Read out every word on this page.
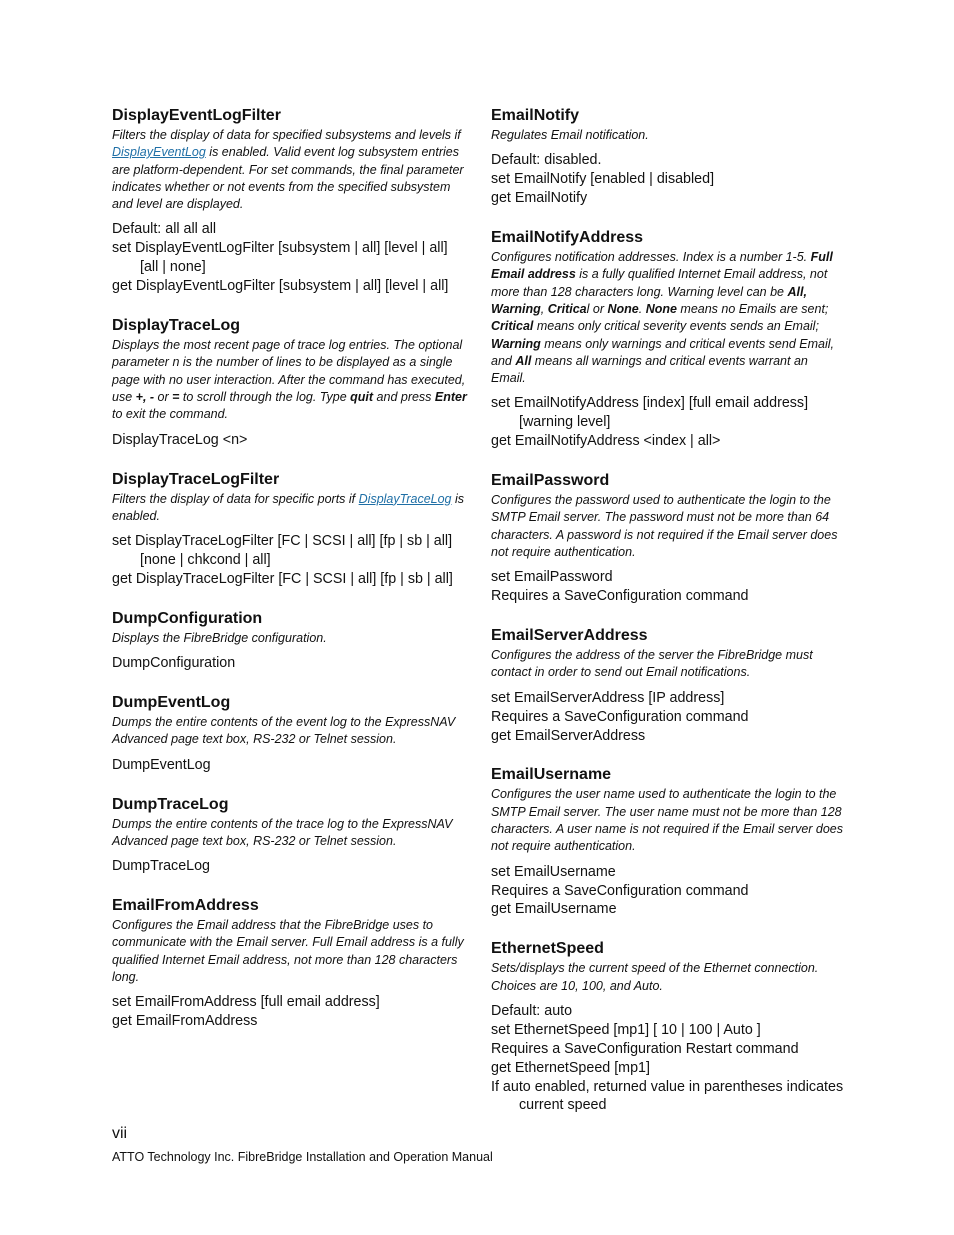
DisplayEventLogFilter
Filters the display of data for specified subsystems and levels if DisplayEventLog is enabled. Valid event log subsystem entries are platform-dependent. For set commands, the final parameter indicates whether or not events from the specified subsystem and level are displayed.
Default: all all all
set DisplayEventLogFilter [subsystem | all] [level | all] [all | none]
get DisplayEventLogFilter [subsystem | all] [level | all]
DisplayTraceLog
Displays the most recent page of trace log entries. The optional parameter n is the number of lines to be displayed as a single page with no user interaction. After the command has executed, use +, - or = to scroll through the log. Type quit and press Enter to exit the command.
DisplayTraceLog <n>
DisplayTraceLogFilter
Filters the display of data for specific ports if DisplayTraceLog is enabled.
set DisplayTraceLogFilter [FC | SCSI | all] [fp | sb | all] [none | chkcond | all]
get DisplayTraceLogFilter [FC | SCSI | all] [fp | sb | all]
DumpConfiguration
Displays the FibreBridge configuration.
DumpConfiguration
DumpEventLog
Dumps the entire contents of the event log to the ExpressNAV Advanced page text box, RS-232 or Telnet session.
DumpEventLog
DumpTraceLog
Dumps the entire contents of the trace log to the ExpressNAV Advanced page text box, RS-232 or Telnet session.
DumpTraceLog
EmailFromAddress
Configures the Email address that the FibreBridge uses to communicate with the Email server. Full Email address is a fully qualified Internet Email address, not more than 128 characters long.
set EmailFromAddress [full email address]
get EmailFromAddress
EmailNotify
Regulates Email notification.
Default: disabled.
set EmailNotify [enabled | disabled]
get EmailNotify
EmailNotifyAddress
Configures notification addresses. Index is a number 1-5. Full Email address is a fully qualified Internet Email address, not more than 128 characters long. Warning level can be All, Warning, Critical or None. None means no Emails are sent; Critical means only critical severity events sends an Email; Warning means only warnings and critical events send Email, and All means all warnings and critical events warrant an Email.
set EmailNotifyAddress [index] [full email address] [warning level]
get EmailNotifyAddress <index | all>
EmailPassword
Configures the password used to authenticate the login to the SMTP Email server. The password must not be more than 64 characters. A password is not required if the Email server does not require authentication.
set EmailPassword
Requires a SaveConfiguration command
EmailServerAddress
Configures the address of the server the FibreBridge must contact in order to send out Email notifications.
set EmailServerAddress [IP address]
Requires a SaveConfiguration command
get EmailServerAddress
EmailUsername
Configures the user name used to authenticate the login to the SMTP Email server. The user name must not be more than 128 characters. A user name is not required if the Email server does not require authentication.
set EmailUsername
Requires a SaveConfiguration command
get EmailUsername
EthernetSpeed
Sets/displays the current speed of the Ethernet connection. Choices are 10, 100, and Auto.
Default: auto
set EthernetSpeed [mp1] [ 10 | 100 | Auto ]
Requires a SaveConfiguration Restart command
get EthernetSpeed [mp1]
If auto enabled, returned value in parentheses indicates current speed
vii
ATTO Technology Inc. FibreBridge Installation and Operation Manual
